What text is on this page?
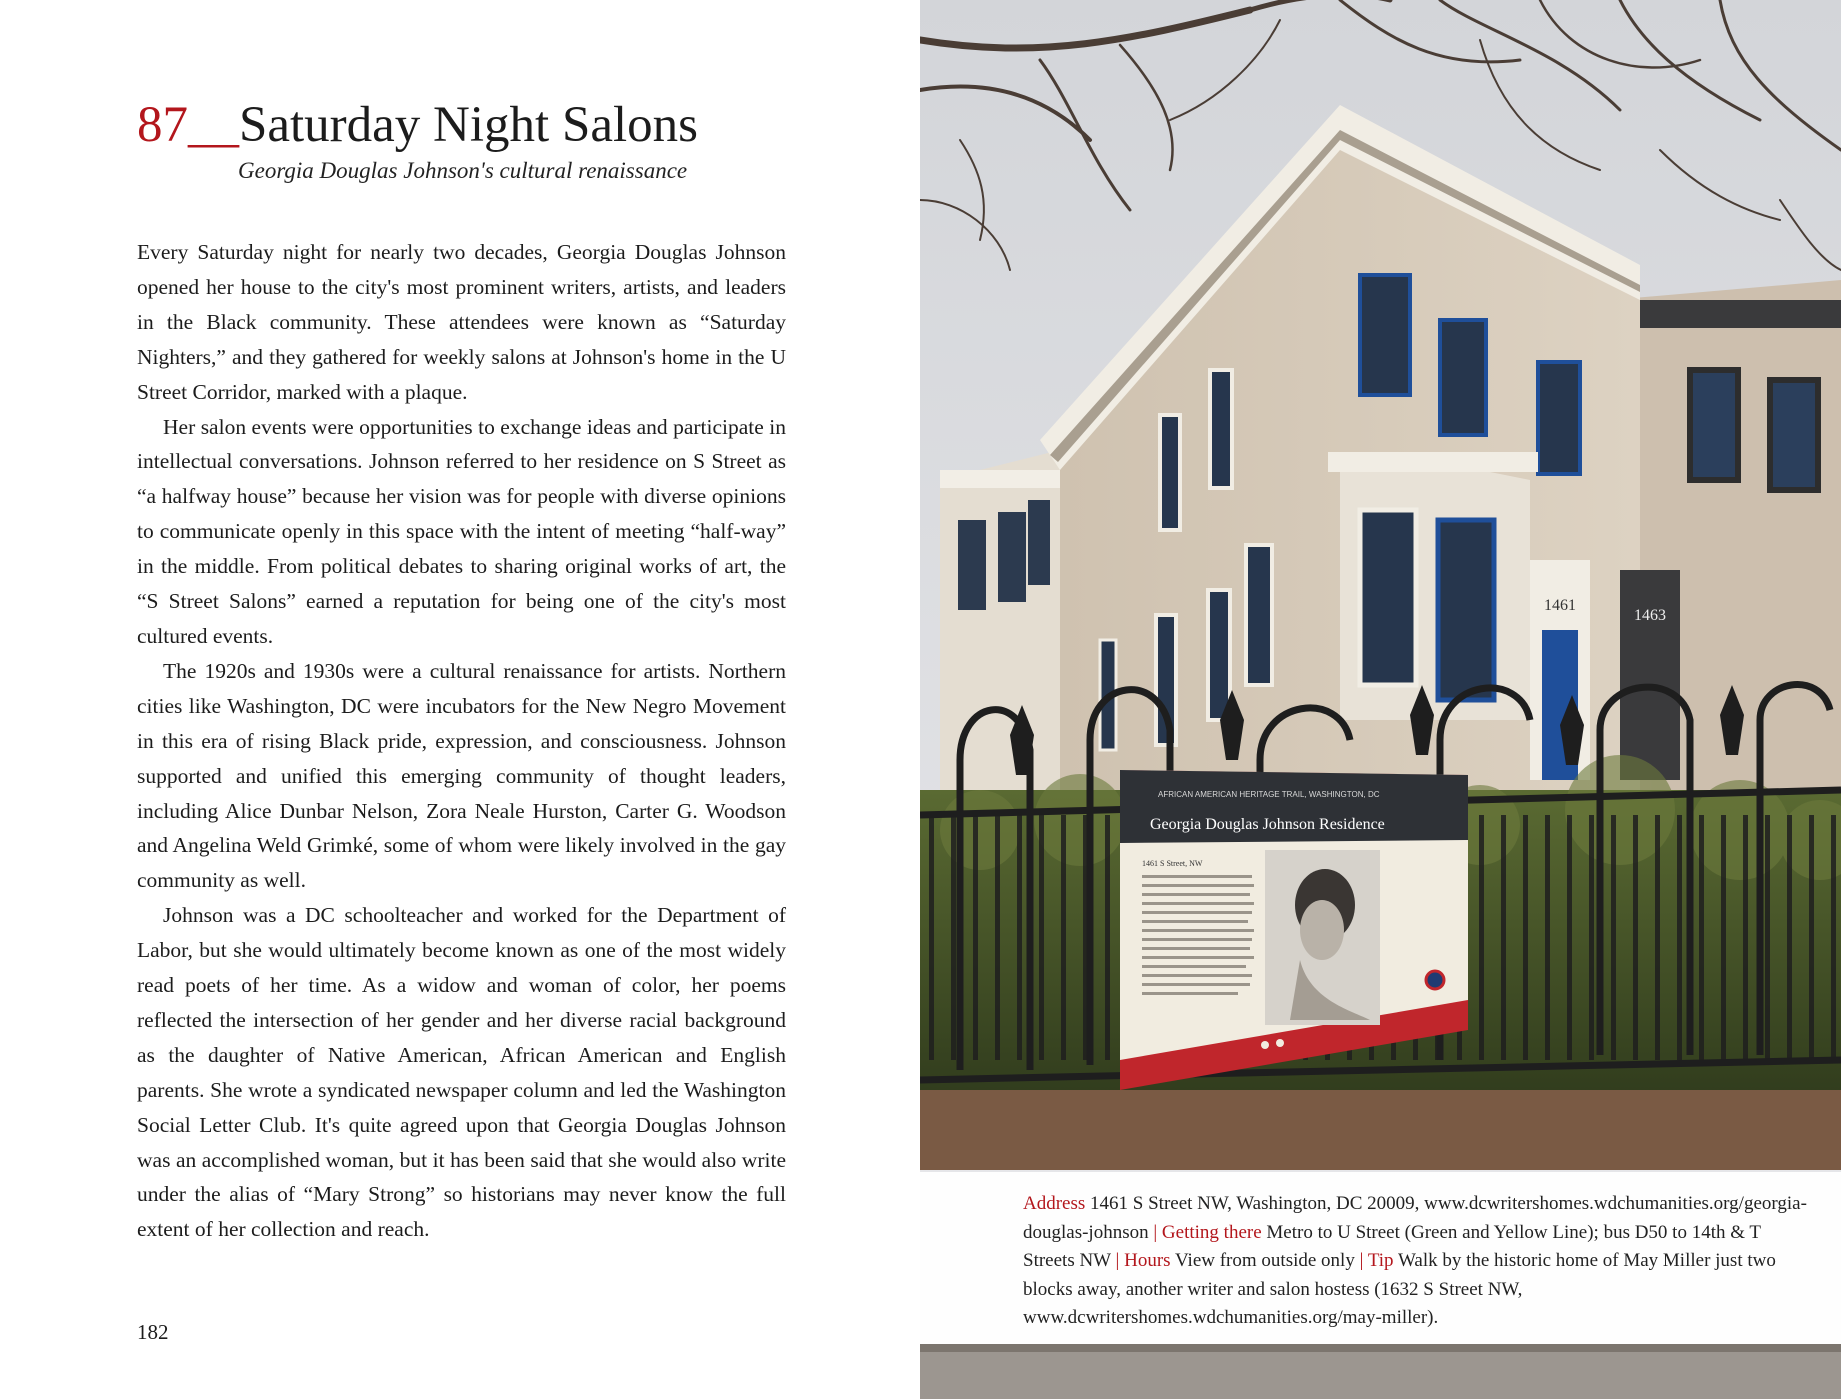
87__Saturday Night Salons
Georgia Douglas Johnson's cultural renaissance

Every Saturday night for nearly two decades, Georgia Douglas Johnson opened her house to the city's most prominent writers, artists, and leaders in the Black community. These attendees were known as “Saturday Nighters,” and they gathered for weekly salons at Johnson's home in the U Street Corridor, marked with a plaque.

Her salon events were opportunities to exchange ideas and participate in intellectual conversations. Johnson referred to her residence on S Street as “a halfway house” because her vision was for people with diverse opinions to communicate openly in this space with the intent of meeting “half-way” in the middle. From political debates to sharing original works of art, the “S Street Salons” earned a reputation for being one of the city's most cultured events.

The 1920s and 1930s were a cultural renaissance for artists. Northern cities like Washington, DC were incubators for the New Negro Movement in this era of rising Black pride, expression, and consciousness. Johnson supported and unified this emerging community of thought leaders, including Alice Dunbar Nelson, Zora Neale Hurston, Carter G. Woodson and Angelina Weld Grimké, some of whom were likely involved in the gay community as well.

Johnson was a DC schoolteacher and worked for the Department of Labor, but she would ultimately become known as one of the most widely read poets of her time. As a widow and woman of color, her poems reflected the intersection of her gender and her diverse racial background as the daughter of Native American, African American and English parents. She wrote a syndicated newspaper column and led the Washington Social Letter Club. It's quite agreed upon that Georgia Douglas Johnson was an accomplished woman, but it has been said that she would also write under the alias of “Mary Strong” so historians may never know the full extent of her collection and reach.

182
1461
1463
AFRICAN AMERICAN HERITAGE TRAIL, WASHINGTON, DC
Georgia Douglas Johnson Residence
1461 S Street, NW
Address 1461 S Street NW, Washington, DC 20009, www.dcwritershomes.wdchumanities.org/georgia-douglas-johnson | Getting there Metro to U Street (Green and Yellow Line); bus D50 to 14th & T Streets NW | Hours View from outside only | Tip Walk by the historic home of May Miller just two blocks away, another writer and salon hostess (1632 S Street NW, www.dcwritershomes.wdchumanities.org/may-miller).
